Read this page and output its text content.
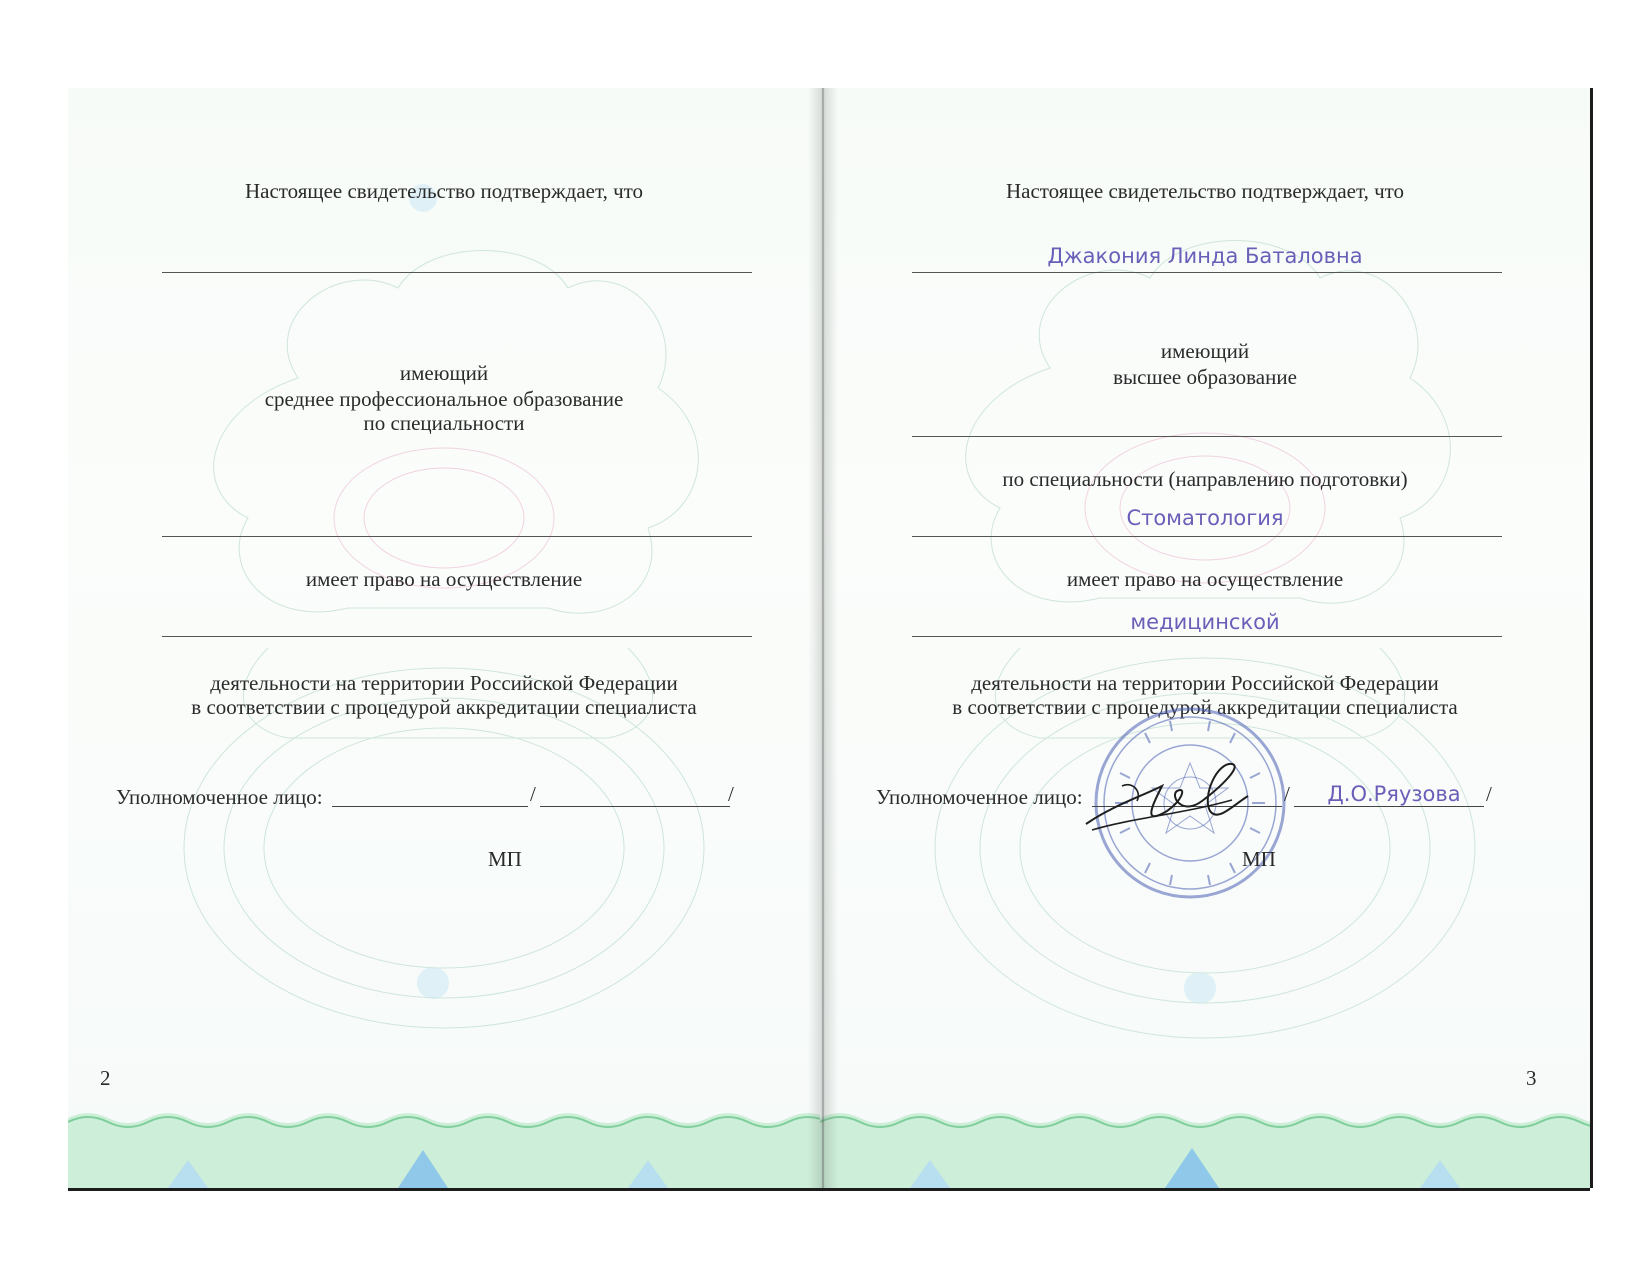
Настоящее свидетельство подтверждает, что
имеющий
среднее профессиональное образование
по специальности
имеет право на осуществление
деятельности на территории Российской Федерации
в соответствии с процедурой аккредитации специалиста
Уполномоченное лицо:	/	/
МП
2
Настоящее свидетельство подтверждает, что
Джакония Линда Баталовна
имеющий
высшее образование
по специальности (направлению подготовки)
Стоматология
имеет право на осуществление
медицинской
деятельности на территории Российской Федерации
в соответствии с процедурой аккредитации специалиста
Уполномоченное лицо:	/	Д.О.Ряузова	/
МП
3
